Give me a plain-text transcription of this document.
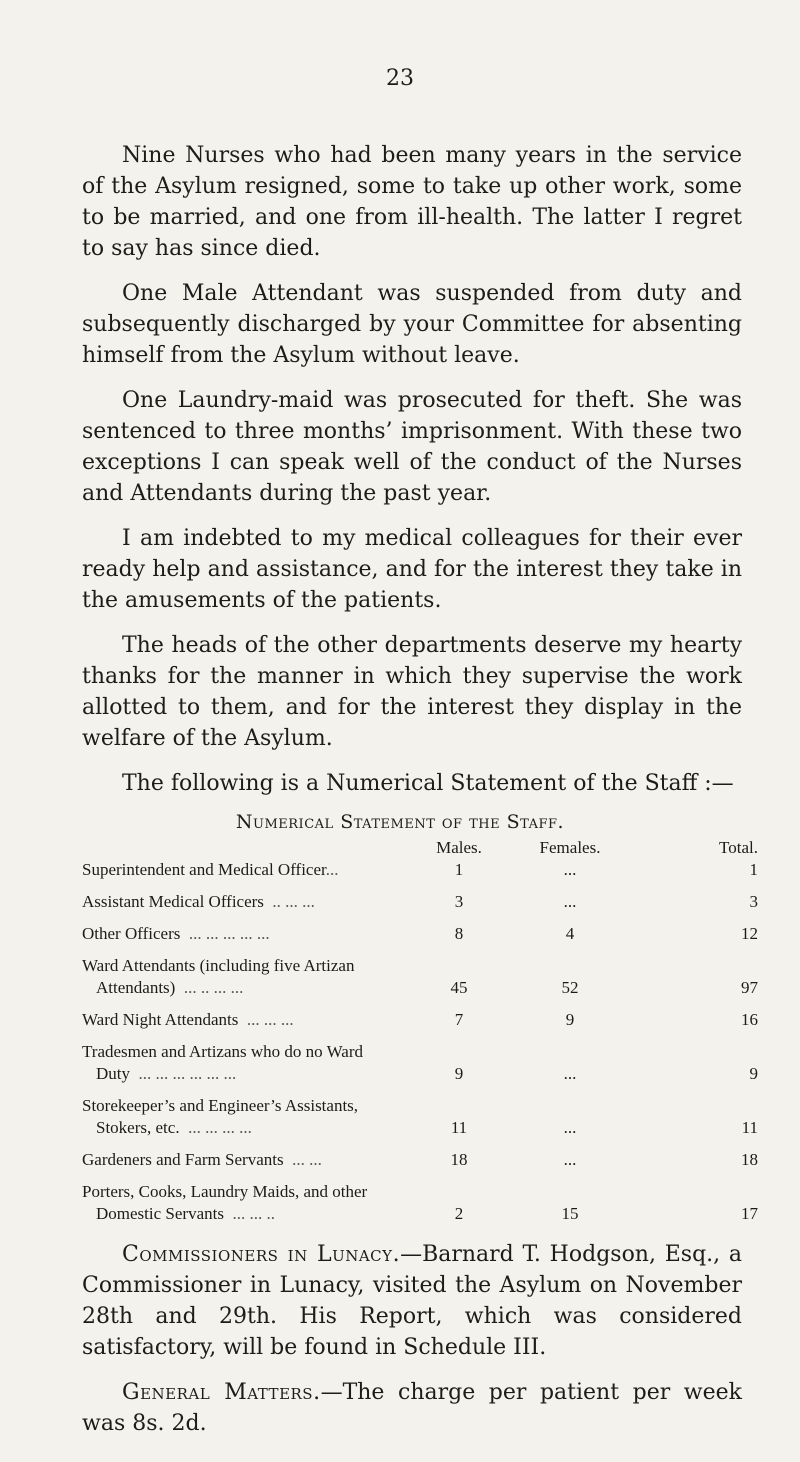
23

Nine Nurses who had been many years in the service of the Asylum resigned, some to take up other work, some to be married, and one from ill-health. The latter I regret to say has since died.

One Male Attendant was suspended from duty and subsequently discharged by your Committee for absenting himself from the Asylum without leave.

One Laundry-maid was prosecuted for theft. She was sentenced to three months’ imprisonment. With these two exceptions I can speak well of the conduct of the Nurses and Attendants during the past year.

I am indebted to my medical colleagues for their ever ready help and assistance, and for the interest they take in the amusements of the patients.

The heads of the other departments deserve my hearty thanks for the manner in which they supervise the work allotted to them, and for the interest they display in the welfare of the Asylum.

The following is a Numerical Statement of the Staff :—

Numerical Statement of the Staff.
	Males.	Females.	Total.
Superintendent and Medical Officer...	1	...	1
Assistant Medical Officers .. ... ...	3	...	3
Other Officers ... ... ... ... ...	8	4	12
Ward Attendants (including five Artizan
Attendants) ... .. ... ...	45	52	97
Ward Night Attendants ... ... ...	7	9	16
Tradesmen and Artizans who do no Ward
Duty ... ... ... ... ... ...	9	...	9
Storekeeper’s and Engineer’s Assistants,
Stokers, etc. ... ... ... ...	11	...	11
Gardeners and Farm Servants ... ...	18	...	18
Porters, Cooks, Laundry Maids, and other
Domestic Servants ... ... ..	2	15	17

Commissioners in Lunacy.—Barnard T. Hodgson, Esq., a Commissioner in Lunacy, visited the Asylum on November 28th and 29th. His Report, which was considered satisfactory, will be found in Schedule III.

General Matters.—The charge per patient per week was 8s. 2d.
